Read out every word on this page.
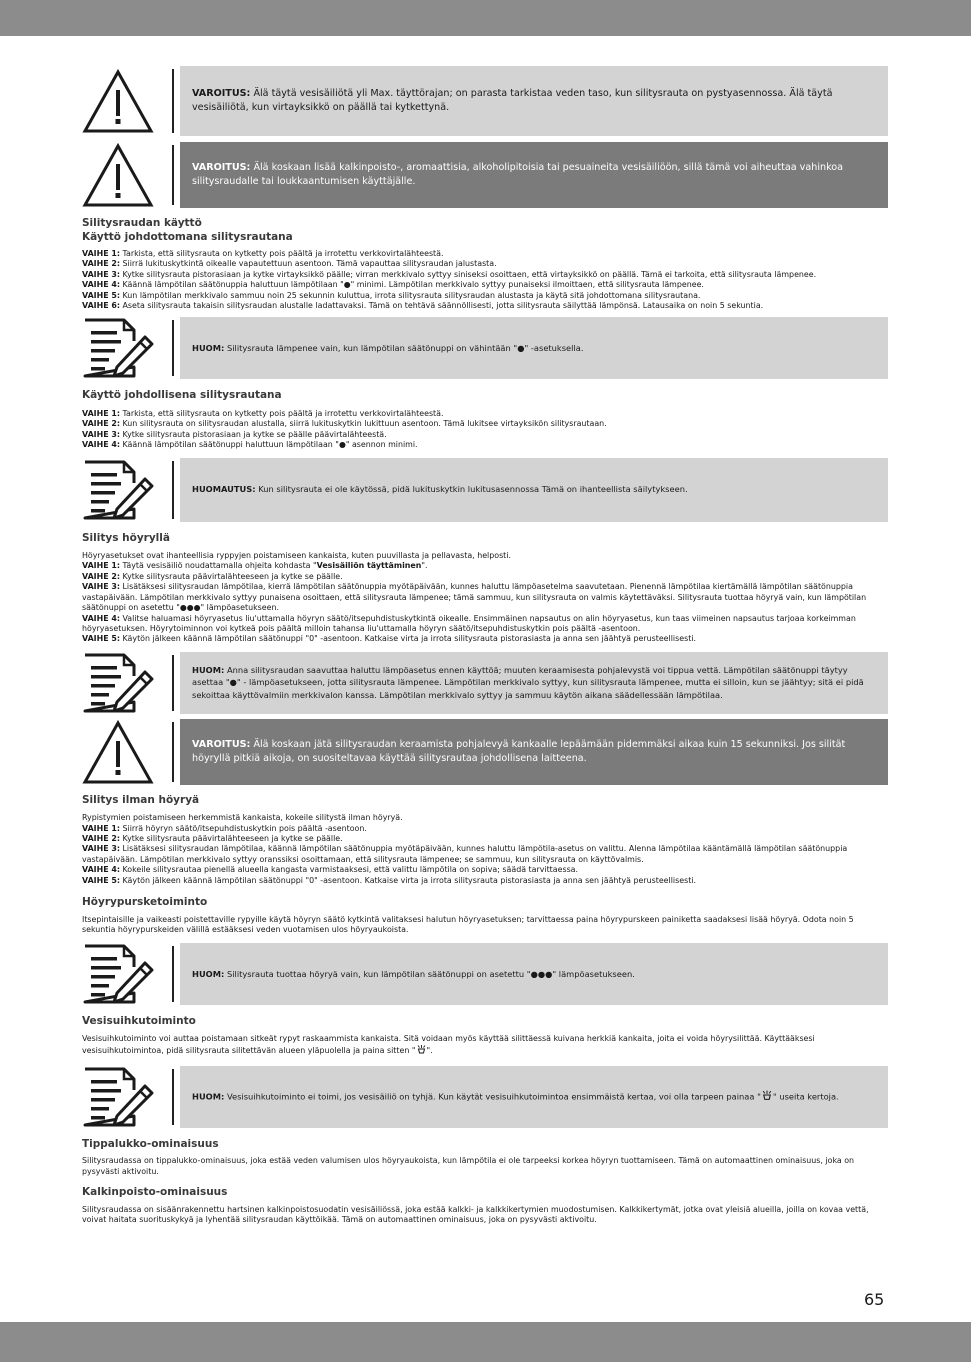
VAROITUS: Älä täytä vesisäiliötä yli Max. täyttörajan; on parasta tarkistaa veden taso, kun silitysrauta on pystyasennossa. Älä täytä vesisäiliötä, kun virtayksikkö on päällä tai kytkettynä.
VAROITUS: Älä koskaan lisää kalkinpoisto-, aromaattisia, alkoholipitoisia tai pesuaineita vesisäiliöön, sillä tämä voi aiheuttaa vahinkoa silitysraudalle tai loukkaantumisen käyttäjälle.
Silitysraudan käyttö
Käyttö johdottomana silitysrautana
VAIHE 1: Tarkista, että silitysrauta on kytketty pois päältä ja irrotettu verkkovirtalähteestä.
VAIHE 2: Siirrä lukituskytkintä oikealle vapautettuun asentoon. Tämä vapauttaa silitysraudan jalustasta.
VAIHE 3: Kytke silitysrauta pistorasiaan ja kytke virtayksikkö päälle; virran merkkivalo syttyy siniseksi osoittaen, että virtayksikkö on päällä. Tämä ei tarkoita, että silitysrauta lämpenee.
VAIHE 4: Käännä lämpötilan säätönuppia haluttuun lämpötilaan "●" minimi. Lämpötilan merkkivalo syttyy punaiseksi ilmoittaen, että silitysrauta lämpenee.
VAIHE 5: Kun lämpötilan merkkivalo sammuu noin 25 sekunnin kuluttua, irrota silitysrauta silitysraudan alustasta ja käytä sitä johdottomana silitysrautana.
VAIHE 6: Aseta silitysrauta takaisin silitysraudan alustalle ladattavaksi. Tämä on tehtävä säännöllisesti, jotta silitysrauta säilyttää lämpönsä. Latausaika on noin 5 sekuntia.
HUOM: Silitysrauta lämpenee vain, kun lämpötilan säätönuppi on vähintään "●" -asetuksella.
Käyttö johdollisena silitysrautana
VAIHE 1: Tarkista, että silitysrauta on kytketty pois päältä ja irrotettu verkkovirtalähteestä.
VAIHE 2: Kun silitysrauta on silitysraudan alustalla, siirrä lukituskytkin lukittuun asentoon. Tämä lukitsee virtayksikön silitysrautaan.
VAIHE 3: Kytke silitysrauta pistorasiaan ja kytke se päälle päävirtalähteestä.
VAIHE 4: Käännä lämpötilan säätönuppi haluttuun lämpötilaan "●" asennon minimi.
HUOMAUTUS: Kun silitysrauta ei ole käytössä, pidä lukituskytkin lukitusasennossa Tämä on ihanteellista säilytykseen.
Silitys höyryllä
Höyryasetukset ovat ihanteellisia ryppyjen poistamiseen kankaista, kuten puuvillasta ja pellavasta, helposti.
VAIHE 1: Täytä vesisäiliö noudattamalla ohjeita kohdasta "Vesisäiliön täyttäminen".
VAIHE 2: Kytke silitysrauta päävirtalähteeseen ja kytke se päälle.
VAIHE 3: Lisätäksesi silitysraudan lämpötilaa, kierrä lämpötilan säätönuppia myötäpäivään, kunnes haluttu lämpöasetelma saavutetaan. Pienennä lämpötilaa kiertämällä lämpötilan säätönuppia vastapäivään. Lämpötilan merkkivalo syttyy punaisena osoittaen, että silitysrauta lämpenee; tämä sammuu, kun silitysrauta on valmis käytettäväksi. Silitysrauta tuottaa höyryä vain, kun lämpötilan säätönuppi on asetettu "●●●" lämpöasetukseen.
VAIHE 4: Valitse haluamasi höyryasetus liu'uttamalla höyryn säätö/itsepuhdistuskytkintä oikealle. Ensimmäinen napsautus on alin höyryasetus, kun taas viimeinen napsautus tarjoaa korkeimman höyryasetuksen. Höyrytoiminnon voi kytkeä pois päältä milloin tahansa liu'uttamalla höyryn säätö/itsepuhdistuskytkin pois päältä -asentoon.
VAIHE 5: Käytön jälkeen käännä lämpötilan säätönuppi "0" -asentoon. Katkaise virta ja irrota silitysrauta pistorasiasta ja anna sen jäähtyä perusteellisesti.
HUOM: Anna silitysraudan saavuttaa haluttu lämpöasetus ennen käyttöä; muuten keraamisesta pohjalevystä voi tippua vettä. Lämpötilan säätönuppi täytyy asettaa "●" - lämpöasetukseen, jotta silitysrauta lämpenee. Lämpötilan merkkivalo syttyy, kun silitysrauta lämpenee, mutta ei silloin, kun se jäähtyy; sitä ei pidä sekoittaa käyttövalmiin merkkivalon kanssa. Lämpötilan merkkivalo syttyy ja sammuu käytön aikana säädellessään lämpötilaa.
VAROITUS: Älä koskaan jätä silitysraudan keraamista pohjalevyä kankaalle lepäämään pidemmäksi aikaa kuin 15 sekunniksi. Jos silität höyryllä pitkiä aikoja, on suositeltavaa käyttää silitysrautaa johdollisena laitteena.
Silitys ilman höyryä
Rypistymien poistamiseen herkemmistä kankaista, kokeile silitystä ilman höyryä.
VAIHE 1: Siirrä höyryn säätö/itsepuhdistuskytkin pois päältä -asentoon.
VAIHE 2: Kytke silitysrauta päävirtalähteeseen ja kytke se päälle.
VAIHE 3: Lisätäksesi silitysraudan lämpötilaa, käännä lämpötilan säätönuppia myötäpäivään, kunnes haluttu lämpötila-asetus on valittu. Alenna lämpötilaa kääntämällä lämpötilan säätönuppia vastapäivään. Lämpötilan merkkivalo syttyy oranssiksi osoittamaan, että silitysrauta lämpenee; se sammuu, kun silitysrauta on käyttövalmis.
VAIHE 4: Kokeile silitysrautaa pienellä alueella kangasta varmistaaksesi, että valittu lämpötila on sopiva; säädä tarvittaessa.
VAIHE 5: Käytön jälkeen käännä lämpötilan säätönuppi "0" -asentoon. Katkaise virta ja irrota silitysrauta pistorasiasta ja anna sen jäähtyä perusteellisesti.
Höyrypursketoiminto

Itsepintaisille ja vaikeasti poistettaville rypyille käytä höyryn säätö kytkintä valitaksesi halutun höyryasetuksen; tarvittaessa paina höyrypurskeen painiketta saadaksesi lisää höyryä. Odota noin 5 sekuntia höyrypurskeiden välillä estääksesi veden vuotamisen ulos höyryaukoista.

HUOM: Silitysrauta tuottaa höyryä vain, kun lämpötilan säätönuppi on asetettu "●●●" lämpöasetukseen.
Vesisuihkutoiminto

Vesisuihkutoiminto voi auttaa poistamaan sitkeät rypyt raskaammista kankaista. Sitä voidaan myös käyttää silittäessä kuivana herkkiä kankaita, joita ei voida höyrysilittää. Käyttääksesi vesisuihkutoimintoa, pidä silitysrauta silitettävän alueen yläpuolella ja paina sitten " ".

HUOM: Vesisuihkutoiminto ei toimi, jos vesisäiliö on tyhjä. Kun käytät vesisuihkutoimintoa ensimmäistä kertaa, voi olla tarpeen painaa " " useita kertoja.
Tippalukko-ominaisuus

Silitysraudassa on tippalukko-ominaisuus, joka estää veden valumisen ulos höyryaukoista, kun lämpötila ei ole tarpeeksi korkea höyryn tuottamiseen. Tämä on automaattinen ominaisuus, joka on pysyvästi aktivoitu.

Kalkinpoisto-ominaisuus

Silitysraudassa on sisäänrakennettu hartsinen kalkinpoistosuodatin vesisäiliössä, joka estää kalkki- ja kalkkikertymien muodostumisen. Kalkkikertymät, jotka ovat yleisiä alueilla, joilla on kovaa vettä, voivat haitata suorituskykyä ja lyhentää silitysraudan käyttöikää. Tämä on automaattinen ominaisuus, joka on pysyvästi aktivoitu.

65
